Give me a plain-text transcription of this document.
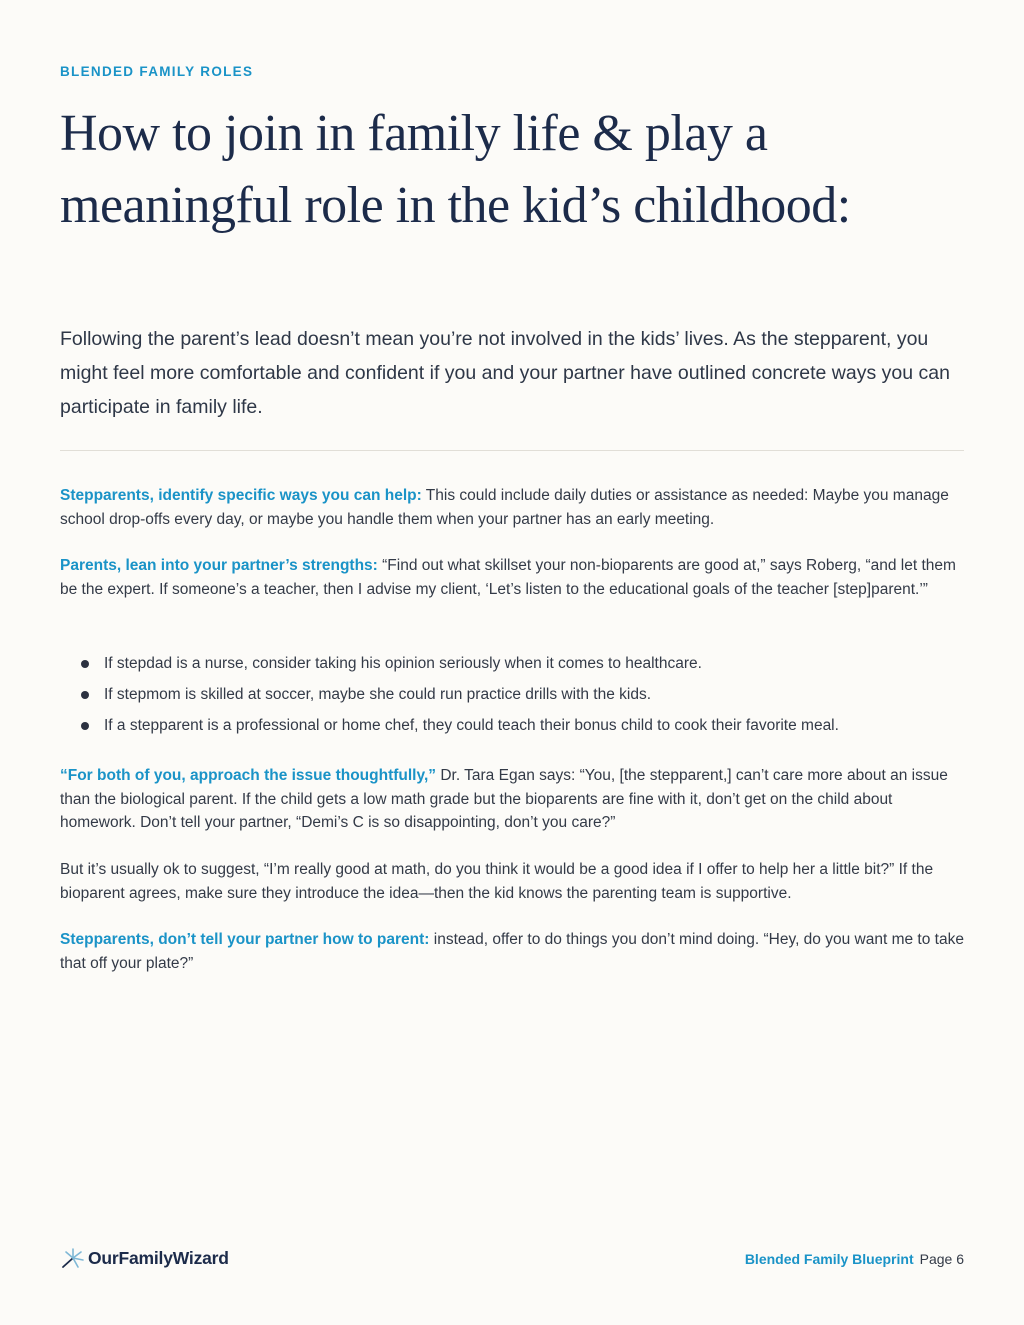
BLENDED FAMILY ROLES
How to join in family life & play a meaningful role in the kid’s childhood:

Following the parent’s lead doesn’t mean you’re not involved in the kids’ lives. As the stepparent, you might feel more comfortable and confident if you and your partner have outlined concrete ways you can participate in family life.

Stepparents, identify specific ways you can help: This could include daily duties or assistance as needed: Maybe you manage school drop-offs every day, or maybe you handle them when your partner has an early meeting.

Parents, lean into your partner’s strengths: “Find out what skillset your non-bioparents are good at,” says Roberg, “and let them be the expert. If someone’s a teacher, then I advise my client, ‘Let’s listen to the educational goals of the teacher [step]parent.’”

If stepdad is a nurse, consider taking his opinion seriously when it comes to healthcare.
If stepmom is skilled at soccer, maybe she could run practice drills with the kids.
If a stepparent is a professional or home chef, they could teach their bonus child to cook their favorite meal.

“For both of you, approach the issue thoughtfully,” Dr. Tara Egan says: “You, [the stepparent,] can’t care more about an issue than the biological parent. If the child gets a low math grade but the bioparents are fine with it, don’t get on the child about homework. Don’t tell your partner, “Demi’s C is so disappointing, don’t you care?”

But it’s usually ok to suggest, “I’m really good at math, do you think it would be a good idea if I offer to help her a little bit?” If the bioparent agrees, make sure they introduce the idea—then the kid knows the parenting team is supportive.

Stepparents, don’t tell your partner how to parent: instead, offer to do things you don’t mind doing. “Hey, do you want me to take that off your plate?”

OurFamilyWizard	Blended Family Blueprint Page 6
